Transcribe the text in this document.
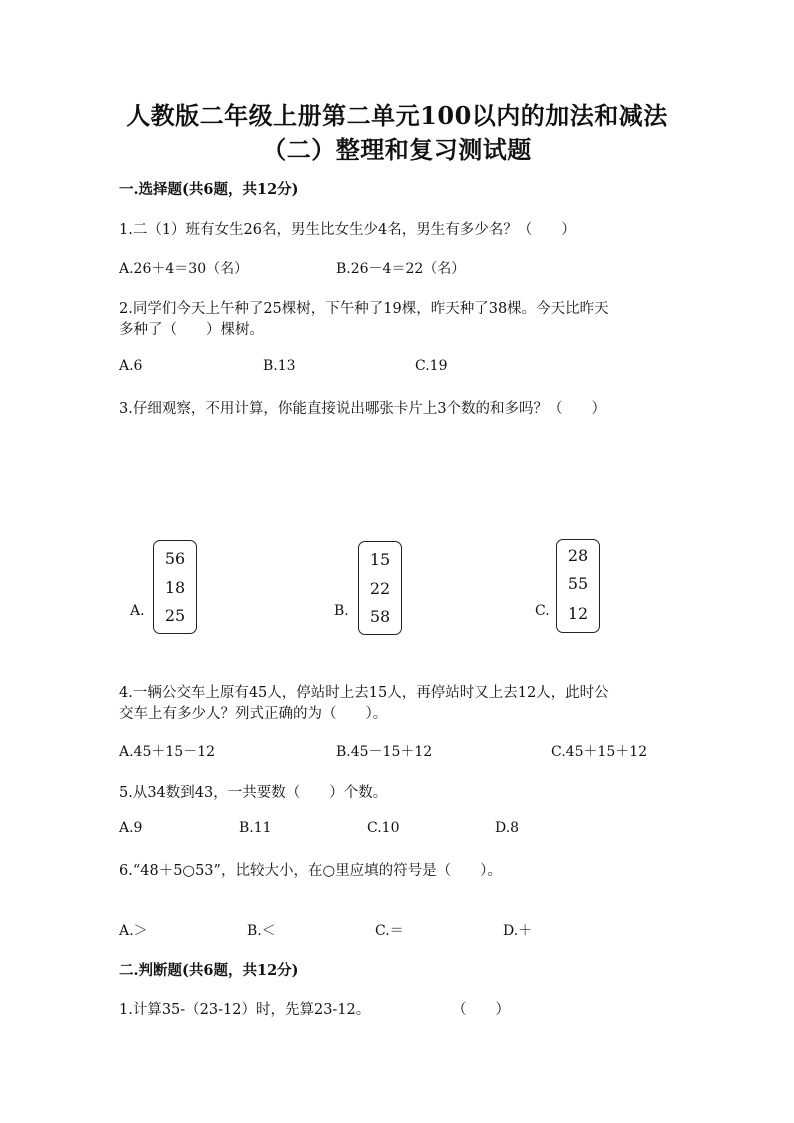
人教版二年级上册第二单元100以内的加法和减法
（二）整理和复习测试题
一.选择题(共6题，共12分)
1.二（1）班有女生26名，男生比女生少4名，男生有多少名？（　　）
A.26＋4＝30（名）	B.26－4＝22（名）
2.同学们今天上午种了25棵树，下午种了19棵，昨天种了38棵。今天比昨天
多种了（　　）棵树。
A.6	B.13	C.19
3.仔细观察，不用计算，你能直接说出哪张卡片上3个数的和多吗？（　　）
A.
56
18
25	B.
15
22
58	C.
28
55
12
4.一辆公交车上原有45人，停站时上去15人，再停站时又上去12人，此时公
交车上有多少人？列式正确的为（　　）。
A.45＋15－12	B.45－15＋12	C.45＋15＋12
5.从34数到43，一共要数（　　）个数。
A.9	B.11	C.10	D.8
6.“48＋5○53”，比较大小，在○里应填的符号是（　　）。
A.＞	B.＜	C.＝	D.＋
二.判断题(共6题，共12分)
1.计算35-（23-12）时，先算23-12。	（　　）
